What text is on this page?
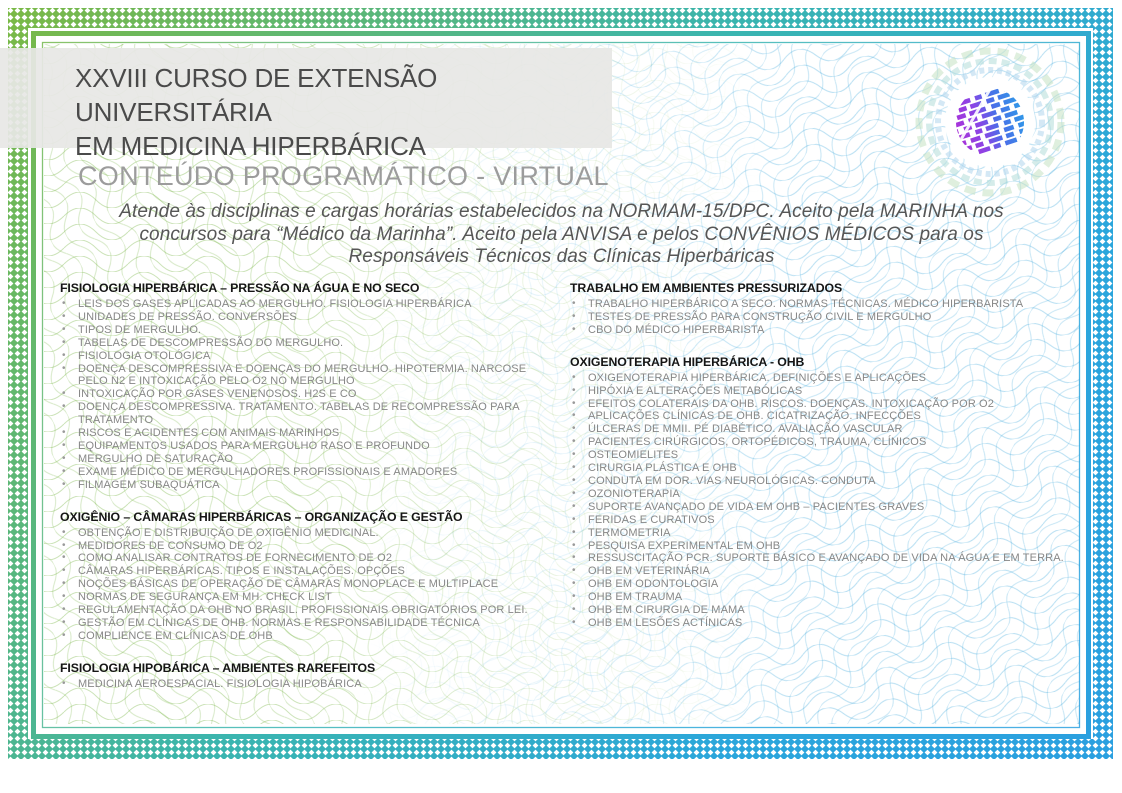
XXVIII CURSO DE EXTENSÃO UNIVERSITÁRIA
EM MEDICINA HIPERBÁRICA
CONTEÚDO PROGRAMÁTICO - VIRTUAL
Atende às disciplinas e cargas horárias estabelecidos na NORMAM-15/DPC. Aceito pela MARINHA nos
concursos para “Médico da Marinha”. Aceito pela ANVISA e pelos CONVÊNIOS MÉDICOS para os
Responsáveis Técnicos das Clínicas Hiperbáricas
FISIOLOGIA HIPERBÁRICA – PRESSÃO NA ÁGUA E NO SECO
•	LEIS DOS GASES APLICADAS AO MERGULHO. FISIOLOGIA HIPERBÁRICA
•	UNIDADES DE PRESSÃO. CONVERSÕES
•	TIPOS DE MERGULHO.
•	TABELAS DE DESCOMPRESSÃO DO MERGULHO.
•	FISIOLOGIA OTOLÓGICA
•	DOENÇA DESCOMPRESSIVA E DOENÇAS DO MERGULHO. HIPOTERMIA. NARCOSE PELO N2 E INTOXICAÇÃO PELO O2 NO MERGULHO
•	INTOXICAÇÃO POR GASES VENENOSOS. H2S E CO
•	DOENÇA DESCOMPRESSIVA. TRATAMENTO. TABELAS DE RECOMPRESSÃO PARA TRATAMENTO
•	RISCOS E ACIDENTES COM ANIMAIS MARINHOS
•	EQUIPAMENTOS USADOS PARA MERGULHO RASO E PROFUNDO
•	MERGULHO DE SATURAÇÃO
•	EXAME MÉDICO DE MERGULHADORES PROFISSIONAIS E AMADORES
•	FILMAGEM SUBAQUÁTICA
OXIGÊNIO – CÂMARAS HIPERBÁRICAS – ORGANIZAÇÃO E GESTÃO
•	OBTENÇÃO E DISTRIBUIÇÃO DE OXIGÊNIO MEDICINAL.
•	MEDIDORES DE CONSUMO DE O2
•	COMO ANALISAR CONTRATOS DE FORNECIMENTO DE O2
•	CÂMARAS HIPERBÁRICAS. TIPOS E INSTALAÇÕES. OPÇÕES
•	NOÇÕES BÁSICAS DE OPERAÇÃO DE CÂMARAS MONOPLACE E MULTIPLACE
•	NORMAS DE SEGURANÇA EM MH. CHECK LIST
•	REGULAMENTAÇÃO DA OHB NO BRASIL. PROFISSIONAIS OBRIGATÓRIOS POR LEI.
•	GESTÃO EM CLÍNICAS DE OHB. NORMAS E RESPONSABILIDADE TÉCNICA
•	COMPLIENCE EM CLÍNICAS DE OHB
FISIOLOGIA HIPOBÁRICA – AMBIENTES RAREFEITOS
•	MEDICINA AEROESPACIAL. FISIOLOGIA HIPOBÁRICA
TRABALHO EM AMBIENTES PRESSURIZADOS
•	TRABALHO HIPERBÁRICO A SECO. NORMAS TÉCNICAS. MÉDICO HIPERBARISTA
•	TESTES DE PRESSÃO PARA CONSTRUÇÃO CIVIL E MERGULHO
•	CBO DO MÉDICO HIPERBARISTA
OXIGENOTERAPIA HIPERBÁRICA - OHB
•	OXIGENOTERAPIA HIPERBÁRICA. DEFINIÇÕES E APLICAÇÕES
•	HIPÓXIA E ALTERAÇÕES METABÓLICAS
•	EFEITOS COLATERAIS DA OHB. RISCOS. DOENÇAS. INTOXICAÇÃO POR O2
•	APLICAÇÕES CLÍNICAS DE OHB. CICATRIZAÇÃO. INFECÇÕES
•	ÚLCERAS DE MMII. PÉ DIABÉTICO. AVALIAÇÃO VASCULAR
•	PACIENTES CIRÚRGICOS, ORTOPÉDICOS, TRAUMA, CLÍNICOS
•	OSTEOMIELITES
•	CIRURGIA PLÁSTICA E OHB
•	CONDUTA EM DOR. VIAS NEUROLÓGICAS. CONDUTA
•	OZONIOTERAPIA
•	SUPORTE AVANÇADO DE VIDA EM OHB – PACIENTES GRAVES
•	FERIDAS E CURATIVOS
•	TERMOMETRIA
•	PESQUISA EXPERIMENTAL EM OHB
•	RESSUSCITAÇÃO PCR. SUPORTE BÁSICO E AVANÇADO DE VIDA NA ÁGUA E EM TERRA.
•	OHB EM VETERINÁRIA
•	OHB EM ODONTOLOGIA
•	OHB EM TRAUMA
•	OHB EM CIRURGIA DE MAMA
•	OHB EM LESÕES ACTÍNICAS
